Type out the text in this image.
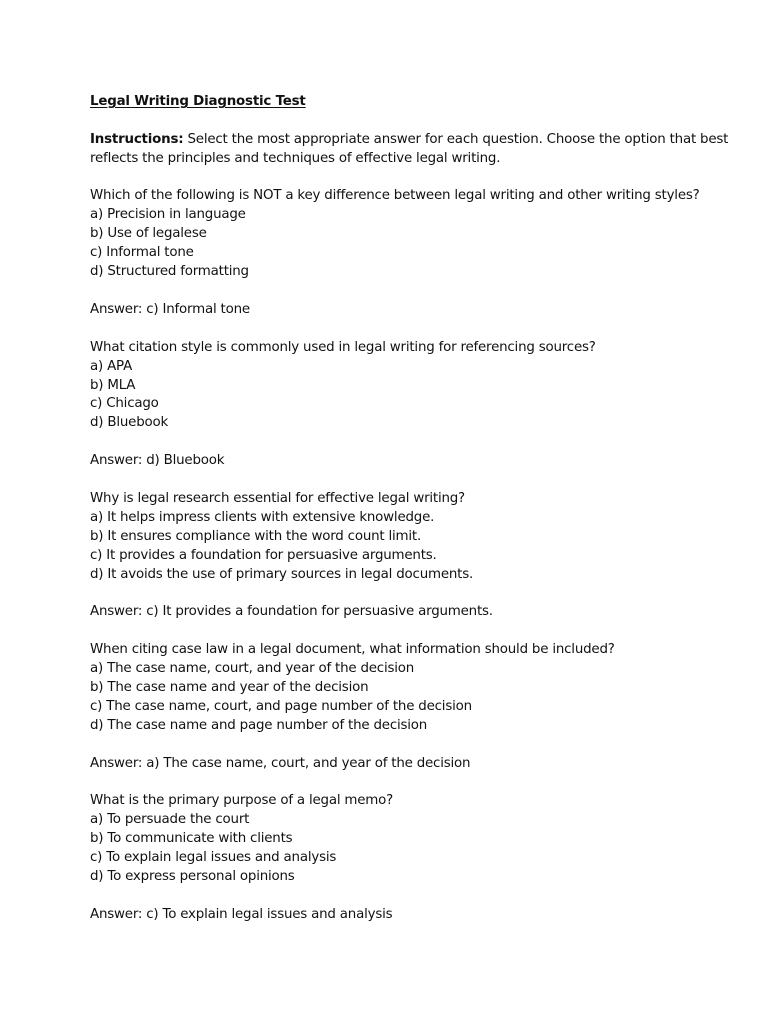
Legal Writing Diagnostic Test

Instructions: Select the most appropriate answer for each question. Choose the option that best
reflects the principles and techniques of effective legal writing.

Which of the following is NOT a key difference between legal writing and other writing styles?

a) Precision in language

b) Use of legalese

c) Informal tone

d) Structured formatting

Answer: c) Informal tone

What citation style is commonly used in legal writing for referencing sources?

a) APA

b) MLA

c) Chicago

d) Bluebook

Answer: d) Bluebook

Why is legal research essential for effective legal writing?

a) It helps impress clients with extensive knowledge.

b) It ensures compliance with the word count limit.

c) It provides a foundation for persuasive arguments.

d) It avoids the use of primary sources in legal documents.

Answer: c) It provides a foundation for persuasive arguments.

When citing case law in a legal document, what information should be included?

a) The case name, court, and year of the decision

b) The case name and year of the decision

c) The case name, court, and page number of the decision

d) The case name and page number of the decision

Answer: a) The case name, court, and year of the decision

What is the primary purpose of a legal memo?

a) To persuade the court

b) To communicate with clients

c) To explain legal issues and analysis

d) To express personal opinions

Answer: c) To explain legal issues and analysis
